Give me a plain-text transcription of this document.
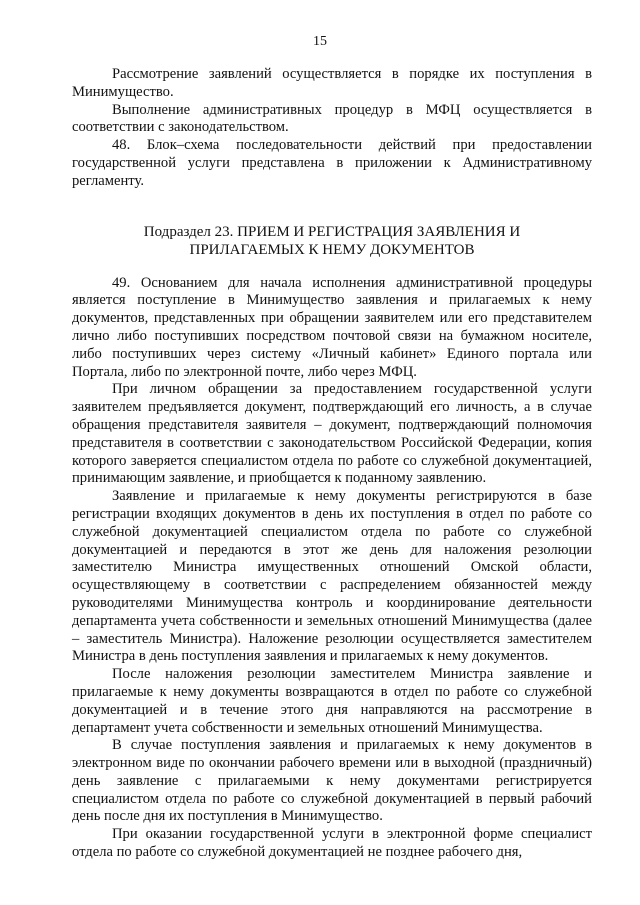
15

Рассмотрение заявлений осуществляется в порядке их поступления в Минимущество.

Выполнение административных процедур в МФЦ осуществляется в соответствии с законодательством.

48. Блок–схема последовательности действий при предоставлении государственной услуги представлена в приложении к Административному регламенту.

Подраздел 23. ПРИЕМ И РЕГИСТРАЦИЯ ЗАЯВЛЕНИЯ И ПРИЛАГАЕМЫХ К НЕМУ ДОКУМЕНТОВ

49. Основанием для начала исполнения административной процедуры является поступление в Минимущество заявления и прилагаемых к нему документов, представленных при обращении заявителем или его представителем лично либо поступивших посредством почтовой связи на бумажном носителе, либо поступивших через систему «Личный кабинет» Единого портала или Портала, либо по электронной почте, либо через МФЦ.

При личном обращении за предоставлением государственной услуги заявителем предъявляется документ, подтверждающий его личность, а в случае обращения представителя заявителя – документ, подтверждающий полномочия представителя в соответствии с законодательством Российской Федерации, копия которого заверяется специалистом отдела по работе со служебной документацией, принимающим заявление, и приобщается к поданному заявлению.

Заявление и прилагаемые к нему документы регистрируются в базе регистрации входящих документов в день их поступления в отдел по работе со служебной документацией специалистом отдела по работе со служебной документацией и передаются в этот же день для наложения резолюции заместителю Министра имущественных отношений Омской области, осуществляющему в соответствии с распределением обязанностей между руководителями Минимущества контроль и координирование деятельности департамента учета собственности и земельных отношений Минимущества (далее – заместитель Министра). Наложение резолюции осуществляется заместителем Министра в день поступления заявления и прилагаемых к нему документов.

После наложения резолюции заместителем Министра заявление и прилагаемые к нему документы возвращаются в отдел по работе со служебной документацией и в течение этого дня направляются на рассмотрение в департамент учета собственности и земельных отношений Минимущества.

В случае поступления заявления и прилагаемых к нему документов в электронном виде по окончании рабочего времени или в выходной (праздничный) день заявление с прилагаемыми к нему документами регистрируется специалистом отдела по работе со служебной документацией в первый рабочий день после дня их поступления в Минимущество.

При оказании государственной услуги в электронной форме специалист отдела по работе со служебной документацией не позднее рабочего дня,
